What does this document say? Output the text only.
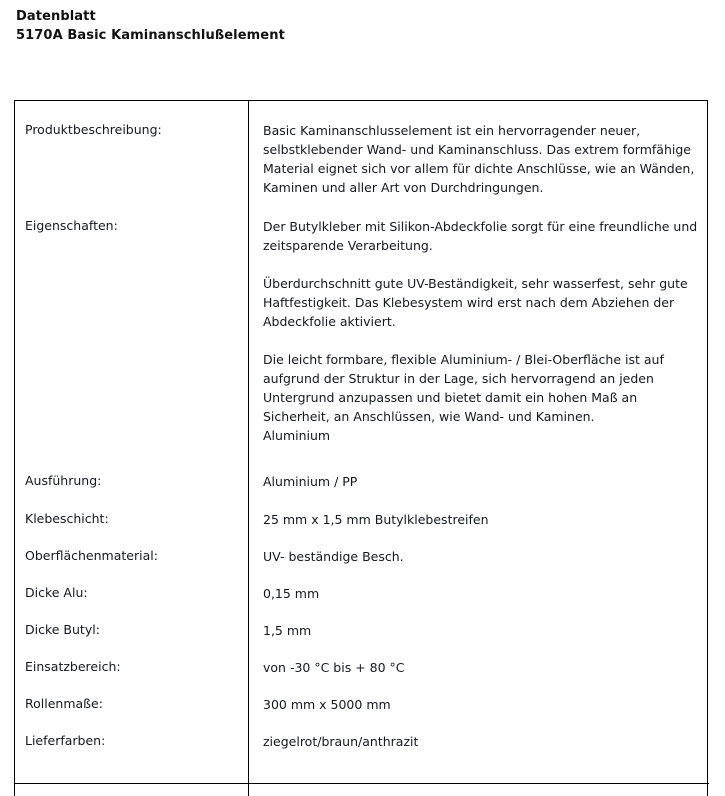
Datenblatt
5170A Basic Kaminanschlußelement
Produktbeschreibung:
Eigenschaften:
Ausführung:
Klebeschicht:
Oberflächenmaterial:
Dicke Alu:
Dicke Butyl:
Einsatzbereich:
Rollenmaße:
Lieferfarben:

Basic Kaminanschlusselement ist ein hervorragender neuer, selbstklebender Wand- und Kaminanschluss. Das extrem formfähige Material eignet sich vor allem für dichte Anschlüsse, wie an Wänden, Kaminen und aller Art von Durchdringungen.

Der Butylkleber mit Silikon-Abdeckfolie sorgt für eine freundliche und zeitsparende Verarbeitung.

Überdurchschnitt gute UV-Beständigkeit, sehr wasserfest, sehr gute Haftfestigkeit. Das Klebesystem wird erst nach dem Abziehen der Abdeckfolie aktiviert.

Die leicht formbare, flexible Aluminium- / Blei-Oberfläche ist auf aufgrund der Struktur in der Lage, sich hervorragend an jeden Untergrund anzupassen und bietet damit ein hohen Maß an Sicherheit, an Anschlüssen, wie Wand- und Kaminen.

Aluminium

Aluminium / PP
25 mm x 1,5 mm Butylklebestreifen
UV- beständige Besch.
0,15 mm
1,5 mm
von -30 °C bis + 80 °C
300 mm x 5000 mm
ziegelrot/braun/anthrazit
